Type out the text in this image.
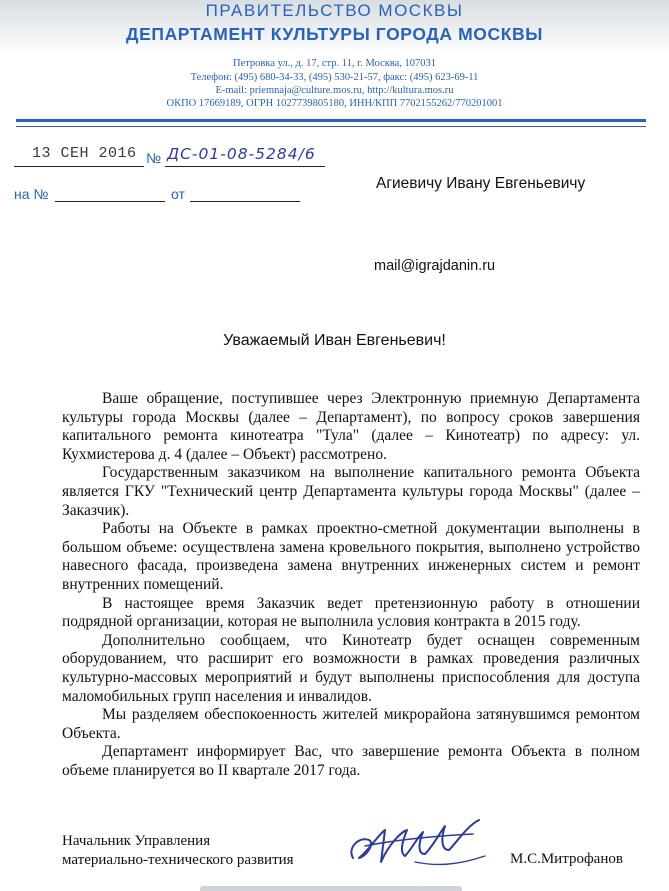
ПРАВИТЕЛЬСТВО МОСКВЫ
ДЕПАРТАМЕНТ КУЛЬТУРЫ ГОРОДА МОСКВЫ
Петровка ул., д. 17, стр. 11, г. Москва, 107031
Телефон: (495) 680-34-33, (495) 530-21-57, факс: (495) 623-69-11
E-mail: priemnaja@culture.mos.ru, http://kultura.mos.ru
ОКПО 17669189, ОГРН 1027739805180, ИНН/КПП 7702155262/770201001
13 СЕН 2016 № ДС-01-08-5284/6
на №	от
Агиевичу Ивану Евгеньевичу
mail@igrajdanin.ru
Уважаемый Иван Евгеньевич!

Ваше обращение, поступившее через Электронную приемную Департамента культуры города Москвы (далее – Департамент), по вопросу сроков завершения капитального ремонта кинотеатра "Тула" (далее – Кинотеатр) по адресу: ул. Кухмистерова д. 4 (далее – Объект) рассмотрено.

Государственным заказчиком на выполнение капитального ремонта Объекта является ГКУ "Технический центр Департамента культуры города Москвы" (далее – Заказчик).

Работы на Объекте в рамках проектно-сметной документации выполнены в большом объеме: осуществлена замена кровельного покрытия, выполнено устройство навесного фасада, произведена замена внутренних инженерных систем и ремонт внутренних помещений.

В настоящее время Заказчик ведет претензионную работу в отношении подрядной организации, которая не выполнила условия контракта в 2015 году.

Дополнительно сообщаем, что Кинотеатр будет оснащен современным оборудованием, что расширит его возможности в рамках проведения различных культурно-массовых мероприятий и будут выполнены приспособления для доступа маломобильных групп населения и инвалидов.

Мы разделяем обеспокоенность жителей микрорайона затянувшимся ремонтом Объекта.

Департамент информирует Вас, что завершение ремонта Объекта в полном объеме планируется во II квартале 2017 года.

Начальник Управления
материально-технического развития	М.С.Митрофанов
